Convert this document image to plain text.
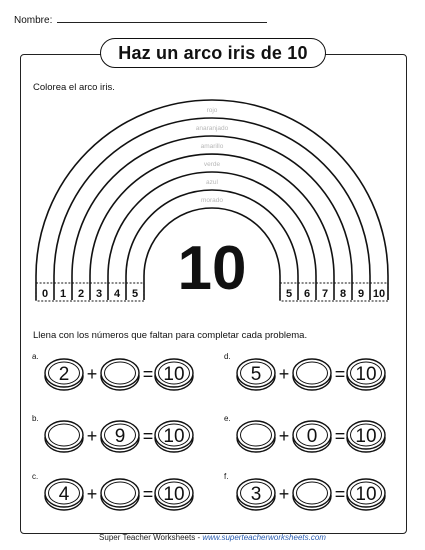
Nombre:
Haz un arco iris de 10
Colorea el arco iris.
rojo
anaranjado
amarillo
verde
azul
morado
0 1 2 3 4 5	5 6 7 8 9 10
10
a.
2 +	= 10
b.
+ 9 = 10
c.
4 +	= 10
d.
5 +	= 10
e.
+ 0 = 10
f.
3 +	= 10
Llena con los números que faltan para completar cada problema.
Super Teacher Worksheets - www.superteacherworksheets.com
